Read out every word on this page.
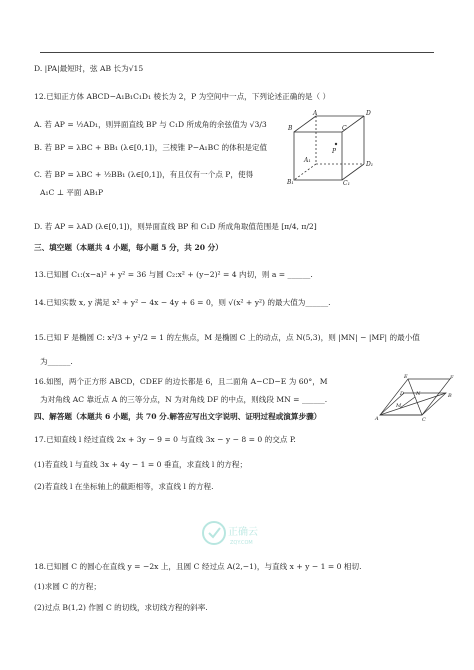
D. |PA|最短时，弦 AB 长为√15
12.已知正方体 ABCD−A₁B₁C₁D₁ 棱长为 2，P 为空间中一点，下列论述正确的是（ ）
A. 若 AP = ½AD₁，则异面直线 BP 与 C₁D 所成角的余弦值为 √3/3
B. 若 BP = λBC + BB₁ (λ∈[0,1])，三棱锥 P−A₁BC 的体积是定值
C. 若 BP = λBC + ½BB₁ (λ∈[0,1])，有且仅有一个点 P，使得
A₁C ⊥ 平面 AB₁P
D. 若 AP = λAD (λ∈[0,1])，则异面直线 BP 和 C₁D 所成角取值范围是 [π/4, π/2]
三、填空题（本题共 4 小题，每小题 5 分，共 20 分）
13.已知圆 C₁:(x−a)² + y² = 36 与圆 C₂:x² + (y−2)² = 4 内切，则 a = ______.
14.已知实数 x, y 满足 x² + y² − 4x − 4y + 6 = 0，则 √(x² + y²) 的最大值为______.
15.已知 F 是椭圆 C: x²/3 + y²/2 = 1 的左焦点，M 是椭圆 C 上的动点，点 N(5,3)，则 |MN| − |MF| 的最小值
为______.
16.如图，两个正方形 ABCD，CDEF 的边长都是 6，且二面角 A−CD−E 为 60°，M
为对角线 AC 靠近点 A 的三等分点，N 为对角线 DF 的中点，则线段 MN = ______.
四、解答题（本题共 6 小题，共 70 分.解答应写出文字说明、证明过程或演算步骤）
17.已知直线 l 经过直线 2x + 3y − 9 = 0 与直线 3x − y − 8 = 0 的交点 P.
(1)若直线 l 与直线 3x + 4y − 1 = 0 垂直，求直线 l 的方程；
(2)若直线 l 在坐标轴上的截距相等，求直线 l 的方程.
18.已知圆 C 的圆心在直线 y = −2x 上，且圆 C 经过点 A(2,−1)，与直线 x + y − 1 = 0 相切.
(1)求圆 C 的方程；
(2)过点 B(1,2) 作圆 C 的切线，求切线方程的斜率.
B
A
C
D
A₁
D₁
B₁	C₁
P
E	F
M
N
A
B
C
D
正确云
ZQY.COM
